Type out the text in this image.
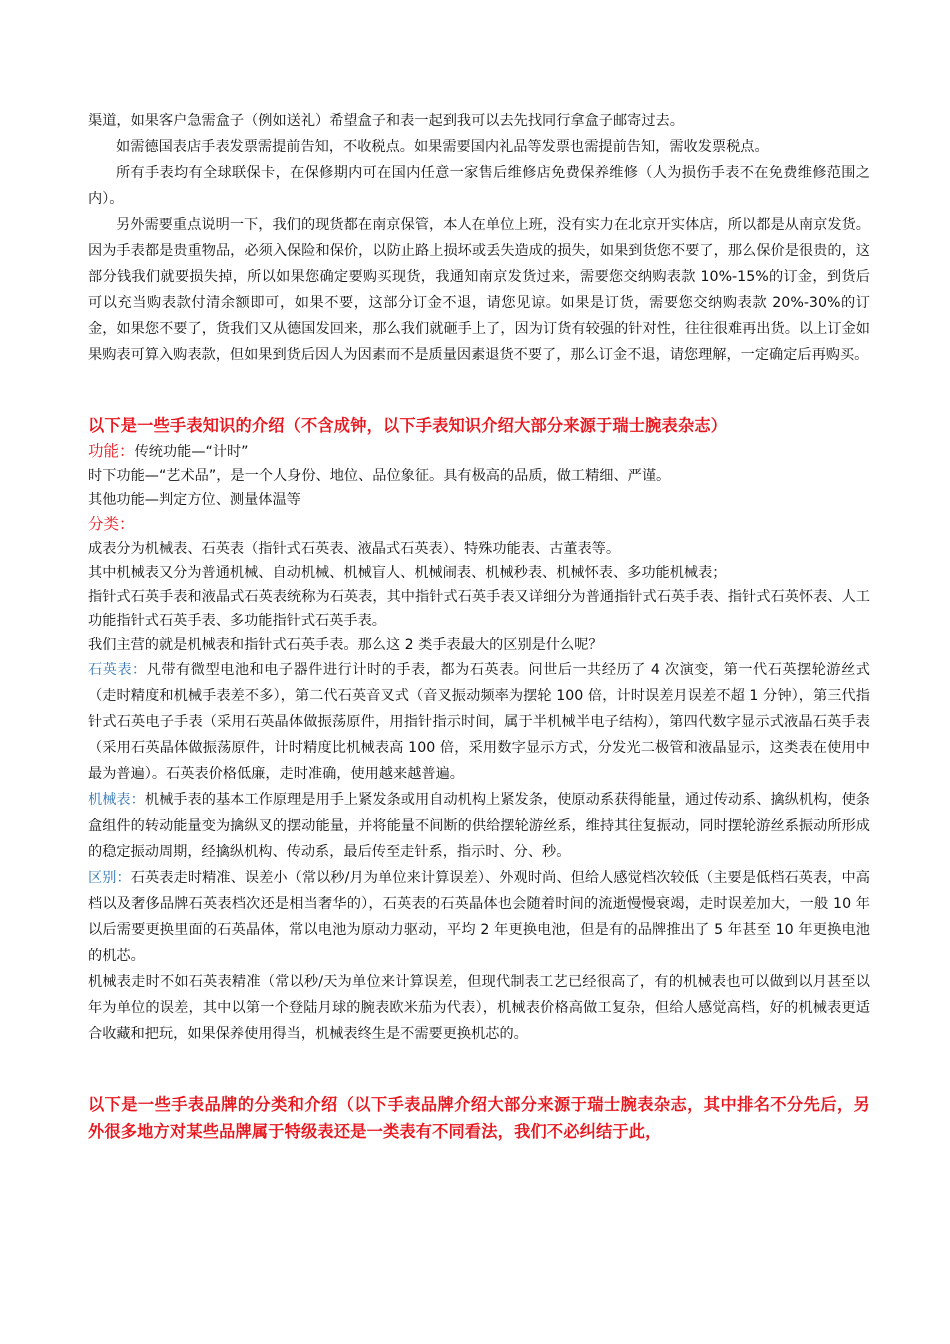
渠道，如果客户急需盒子（例如送礼）希望盒子和表一起到我可以去先找同行拿盒子邮寄过去。

如需德国表店手表发票需提前告知，不收税点。如果需要国内礼品等发票也需提前告知，需收发票税点。

所有手表均有全球联保卡，在保修期内可在国内任意一家售后维修店免费保养维修（人为损伤手表不在免费维修范围之内）。

另外需要重点说明一下，我们的现货都在南京保管，本人在单位上班，没有实力在北京开实体店，所以都是从南京发货。因为手表都是贵重物品，必须入保险和保价，以防止路上损坏或丢失造成的损失，如果到货您不要了，那么保价是很贵的，这部分钱我们就要损失掉，所以如果您确定要购买现货，我通知南京发货过来，需要您交纳购表款 10%-15%的订金，到货后可以充当购表款付清余额即可，如果不要，这部分订金不退，请您见谅。如果是订货，需要您交纳购表款 20%-30%的订金，如果您不要了，货我们又从德国发回来，那么我们就砸手上了，因为订货有较强的针对性，往往很难再出货。以上订金如果购表可算入购表款，但如果到货后因人为因素而不是质量因素退货不要了，那么订金不退，请您理解，一定确定后再购买。

以下是一些手表知识的介绍（不含成钟，以下手表知识介绍大部分来源于瑞士腕表杂志）

功能：传统功能—“计时”

时下功能—“艺术品”，是一个人身份、地位、品位象征。具有极高的品质，做工精细、严谨。

其他功能—判定方位、测量体温等

分类：

成表分为机械表、石英表（指针式石英表、液晶式石英表）、特殊功能表、古董表等。

其中机械表又分为普通机械、自动机械、机械盲人、机械闹表、机械秒表、机械怀表、多功能机械表；

指针式石英手表和液晶式石英表统称为石英表，其中指针式石英手表又详细分为普通指针式石英手表、指针式石英怀表、人工功能指针式石英手表、多功能指针式石英手表。

我们主营的就是机械表和指针式石英手表。那么这 2 类手表最大的区别是什么呢？

石英表：凡带有微型电池和电子器件进行计时的手表，都为石英表。问世后一共经历了 4 次演变，第一代石英摆轮游丝式（走时精度和机械手表差不多），第二代石英音叉式（音叉振动频率为摆轮 100 倍，计时误差月误差不超 1 分钟），第三代指针式石英电子手表（采用石英晶体做振荡原件，用指针指示时间，属于半机械半电子结构），第四代数字显示式液晶石英手表（采用石英晶体做振荡原件，计时精度比机械表高 100 倍，采用数字显示方式，分发光二极管和液晶显示，这类表在使用中最为普遍）。石英表价格低廉，走时准确，使用越来越普遍。

机械表：机械手表的基本工作原理是用手上紧发条或用自动机构上紧发条，使原动系获得能量，通过传动系、擒纵机构，使条盒组件的转动能量变为擒纵叉的摆动能量，并将能量不间断的供给摆轮游丝系，维持其往复振动，同时摆轮游丝系振动所形成的稳定振动周期，经擒纵机构、传动系，最后传至走针系，指示时、分、秒。

区别：石英表走时精准、误差小（常以秒/月为单位来计算误差）、外观时尚、但给人感觉档次较低（主要是低档石英表，中高档以及奢侈品牌石英表档次还是相当奢华的），石英表的石英晶体也会随着时间的流逝慢慢衰竭，走时误差加大，一般 10 年以后需要更换里面的石英晶体，常以电池为原动力驱动，平均 2 年更换电池，但是有的品牌推出了 5 年甚至 10 年更换电池的机芯。

机械表走时不如石英表精准（常以秒/天为单位来计算误差，但现代制表工艺已经很高了，有的机械表也可以做到以月甚至以年为单位的误差，其中以第一个登陆月球的腕表欧米茄为代表），机械表价格高做工复杂，但给人感觉高档，好的机械表更适合收藏和把玩，如果保养使用得当，机械表终生是不需要更换机芯的。

以下是一些手表品牌的分类和介绍（以下手表品牌介绍大部分来源于瑞士腕表杂志，其中排名不分先后，另外很多地方对某些品牌属于特级表还是一类表有不同看法，我们不必纠结于此，
